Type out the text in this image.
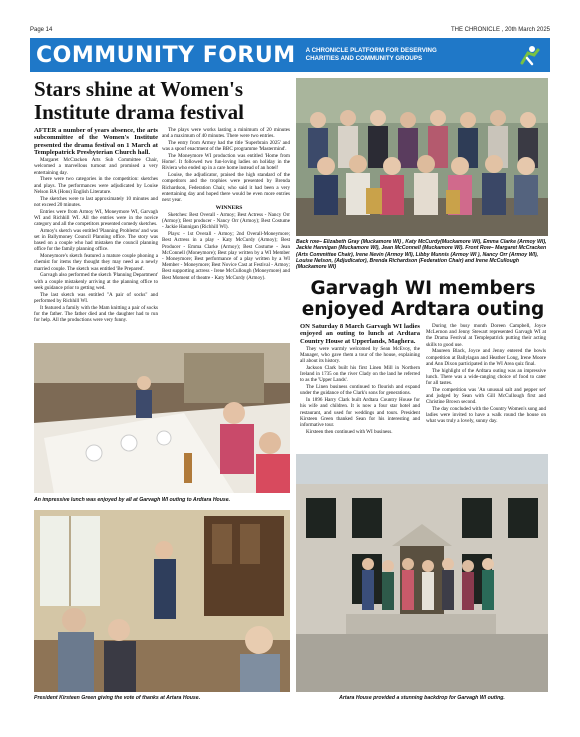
Page 14	THE CHRONICLE , 20th March 2025
COMMUNITY FORUM A CHRONICLE PLATFORM FOR DESERVING CHARITIES AND COMMUNITY GROUPS
Stars shine at Women's Institute drama festival

AFTER a number of years absence, the arts subcommittee of the Women's Institute presented the drama festival on 1 March at Templepatrick Presbyterian Church hall.

Margaret McCracken Arts Sub Committee Chair, welcomed a marvellous turnout and promised a very entertaining day.

There were two categories in the competition: sketches and plays. The performances were adjudicated by Louise Nelson BA (Hons) English Literature.

The sketches were to last approximately 10 minutes and not exceed 20 minutes.

Entries were from Armoy WI, Moneymore WI, Garvagh WI and Richhill WI. All the entries were in the novice category and all the competitors presented comedy sketches.

Armoy's sketch was entitled 'Planning Problems' and was set in Ballymoney Council Planning office. The story was based on a couple who had mistaken the council planning office for the family planning office.

Moneymore's sketch featured a mature couple phoning a chemist for items they thought they may need as a newly married couple. The sketch was entitled 'Be Prepared'.

Garvagh also performed the sketch 'Planning Department' with a couple mistakenly arriving at the planning office to seek guidance prior to getting wed.

The last sketch was entitled "A pair of socks" and performed by Richhill WI.

It featured a family with the Mam knitting a pair of socks for the father. The father died and the daughter had to run for help. All the productions were very funny.

The plays were works lasting a minimum of 20 minutes and a maximum of 40 minutes. There were two entries.

The entry from Armoy had the title 'Superbrain 2025' and was a spoof enactment of the BBC programme 'Mastermind'.

The Moneymore WI production was entitled 'Home from Home'. It followed two fun-loving ladies on holiday in the Riviera who ended up in a care home instead of an hotel!

Louise, the adjudicator, praised the high standard of the competitors and the trophies were presented by Brenda Richardson, Federation Chair, who said it had been a very entertaining day and hoped there would be even more entries next year.

WINNERS

Sketches: Best Overall - Armoy; Best Actress - Nancy Orr (Armoy); Best producer - Nancy Orr (Armoy); Best Costume - Jackie Hannigan (Richhill WI).

Plays: - 1st Overall - Armoy; 2nd Overall-Moneymore; Best Actress in a play - Katy McCurdy (Armoy); Best Producer - Emma Clarke (Armoy); Best Costume - Jean McConnell (Moneymore); Best play written by a WI Member - Moneymore; Best performance of a play written by a WI Member - Moneymore; Best Novice Cast at Festival - Armoy; Best supporting actress - Irene McCullough (Moneymore) and Best Moment of theatre - Katy McCurdy (Armoy).

Back row– Elizabeth Gray (Muckamore WI) , Katy McCurdy(Muckamore WI), Emma Clarke (Armoy WI), Jackie Hannigan (Muckamore WI), Jean McConnell (Muckamore WI). Front Row– Margaret McCracken (Arts Committee Chair), Irene Nevin (Armoy WI), Libby Munnis (Armoy WI ), Nancy Orr (Armoy WI), Louise Nelson, (Adjudicator), Brenda Richardson (Federation Chair) and Irene McCullough (Muckamore WI)
Garvagh WI members enjoyed Ardtara outing

ON Saturday 8 March Garvagh WI ladies enjoyed an outing to lunch at Ardtara Country House at Upperlands, Maghera.

They were warmly welcomed by Sean McEvoy, the Manager, who gave them a tour of the house, explaining all about its history.

Jackson Clark built his first Linen Mill in Northern Ireland in 1735 on the river Clady on the land he referred to as the 'Upper Lands'.

The Linen business continued to flourish and expand under the guidance of the Clark's sons for generations.

In 1896 Harry Clark built Ardtara Country House for his wife and children. It is now a four star hotel and restaurant, and used for weddings and tours. President Kirsteen Green thanked Sean for his interesting and informative tour.

Kirsteen then continued with WI business.

During the busy month Doreen Campbell, Joyce McLernon and Jenny Stewart represented Garvagh WI at the Drama Festival at Templepatrick putting their acting skills to good use.

Maureen Black, Joyce and Jenny entered the bowls competition at Ballylagan and Heather Long, Irene Moore and Ann Dixon participated in the WI Area quiz final.

The highlight of the Ardtara outing was an impressive lunch. There was a wide-ranging choice of food to cater for all tastes.

The competition was 'An unusual salt and pepper set' and judged by Sean with Gill McCullough first and Christine Brown second.

The day concluded with the Country Women's song and ladies were invited to have a walk round the house on what was truly a lovely, sunny day.

An impressive lunch was enjoyed by all at Garvagh WI outing to Ardtara House.
President Kirsteen Green giving the vote of thanks at Artara House.	Artara House provided a stunning backdrop for Garvagh WI outing.
